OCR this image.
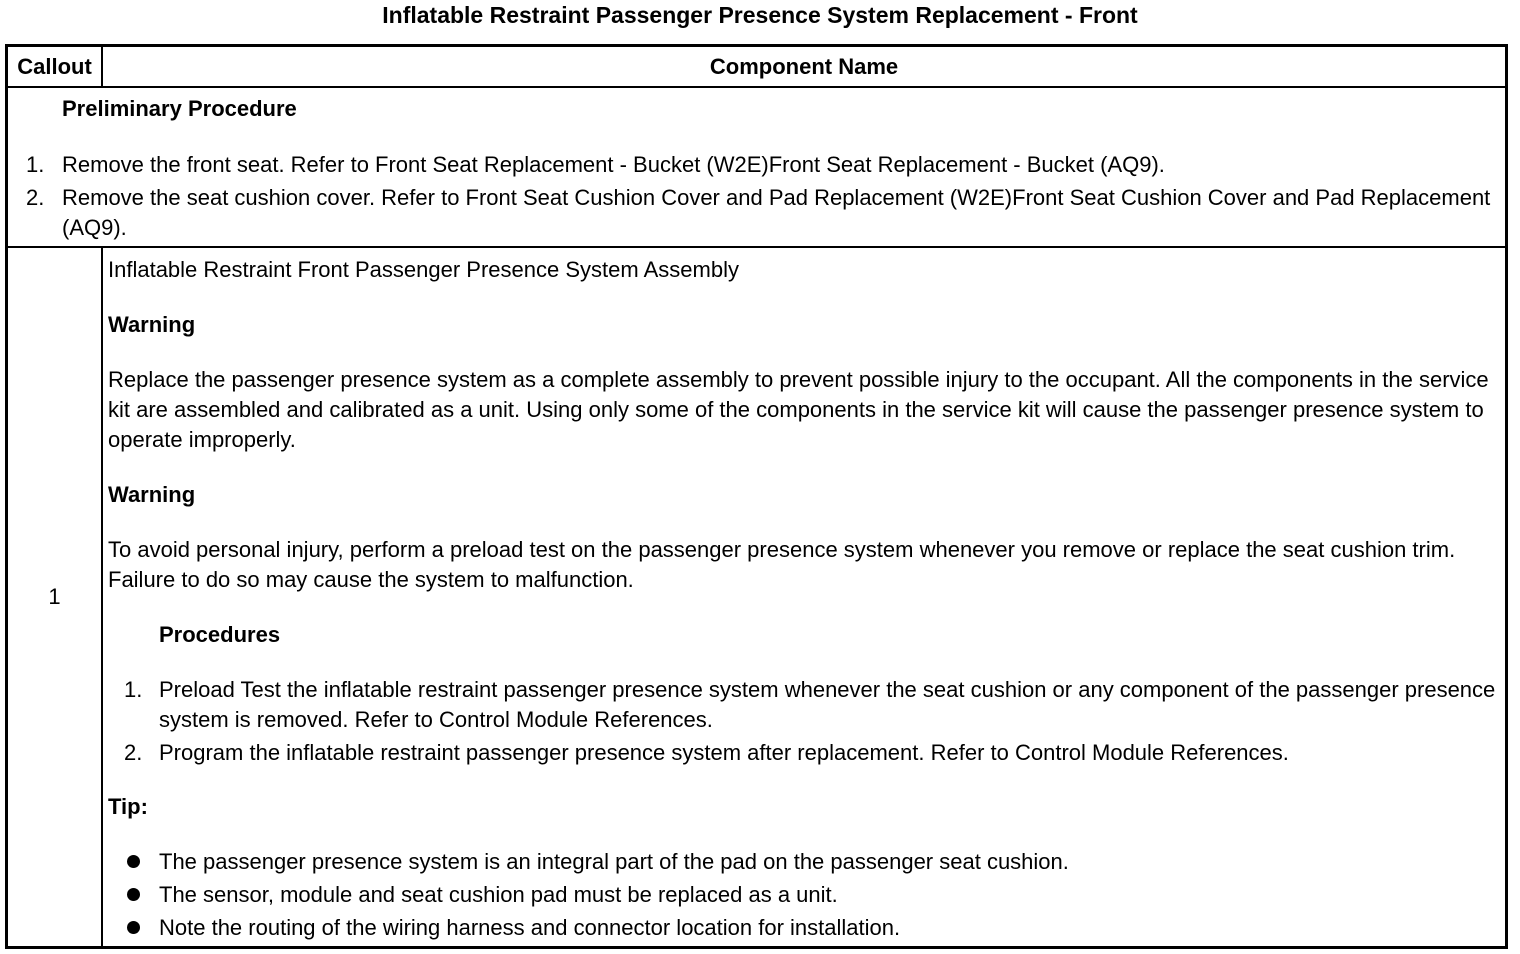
Inflatable Restraint Passenger Presence System Replacement - Front
Callout	Component Name
Preliminary Procedure
1. Remove the front seat. Refer to Front Seat Replacement - Bucket (W2E)Front Seat Replacement - Bucket (AQ9).
2. Remove the seat cushion cover. Refer to Front Seat Cushion Cover and Pad Replacement (W2E)Front Seat Cushion Cover and Pad Replacement (AQ9).
1
Inflatable Restraint Front Passenger Presence System Assembly
Warning
Replace the passenger presence system as a complete assembly to prevent possible injury to the occupant. All the components in the service kit are assembled and calibrated as a unit. Using only some of the components in the service kit will cause the passenger presence system to operate improperly.
Warning
To avoid personal injury, perform a preload test on the passenger presence system whenever you remove or replace the seat cushion trim. Failure to do so may cause the system to malfunction.
Procedures
1. Preload Test the inflatable restraint passenger presence system whenever the seat cushion or any component of the passenger presence system is removed. Refer to Control Module References.
2. Program the inflatable restraint passenger presence system after replacement. Refer to Control Module References.
Tip:
The passenger presence system is an integral part of the pad on the passenger seat cushion.
The sensor, module and seat cushion pad must be replaced as a unit.
Note the routing of the wiring harness and connector location for installation.
